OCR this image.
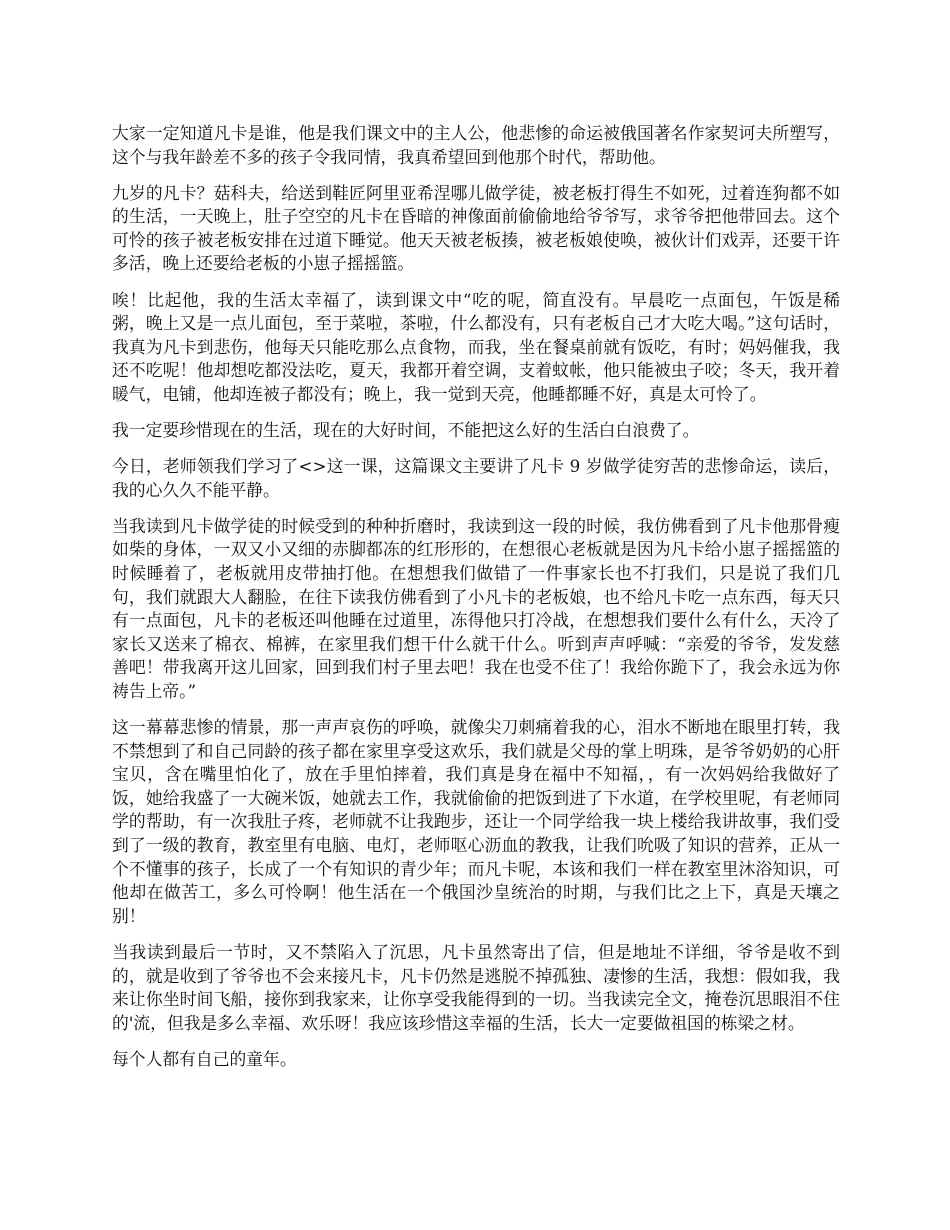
大家一定知道凡卡是谁，他是我们课文中的主人公，他悲惨的命运被俄国著名作家契诃夫所塑写，这个与我年龄差不多的孩子令我同情，我真希望回到他那个时代，帮助他。

九岁的凡卡？菇科夫，给送到鞋匠阿里亚希涅哪儿做学徒，被老板打得生不如死，过着连狗都不如的生活，一天晚上，肚子空空的凡卡在昏暗的神像面前偷偷地给爷爷写，求爷爷把他带回去。这个可怜的孩子被老板安排在过道下睡觉。他天天被老板揍，被老板娘使唤，被伙计们戏弄，还要干许多活，晚上还要给老板的小崽子摇摇篮。

唉！比起他，我的生活太幸福了，读到课文中“吃的呢，简直没有。早晨吃一点面包，午饭是稀粥，晚上又是一点儿面包，至于菜啦，茶啦，什么都没有，只有老板自己才大吃大喝。”这句话时，我真为凡卡到悲伤，他每天只能吃那么点食物，而我，坐在餐桌前就有饭吃，有时；妈妈催我，我还不吃呢！他却想吃都没法吃，夏天，我都开着空调，支着蚊帐，他只能被虫子咬；冬天，我开着暖气，电铺，他却连被子都没有；晚上，我一觉到天亮，他睡都睡不好，真是太可怜了。

我一定要珍惜现在的生活，现在的大好时间，不能把这么好的生活白白浪费了。

今日，老师领我们学习了<>这一课，这篇课文主要讲了凡卡 9 岁做学徒穷苦的悲惨命运，读后，我的心久久不能平静。

当我读到凡卡做学徒的时候受到的种种折磨时，我读到这一段的时候，我仿佛看到了凡卡他那骨瘦如柴的身体，一双又小又细的赤脚都冻的红形形的，在想很心老板就是因为凡卡给小崽子摇摇篮的时候睡着了，老板就用皮带抽打他。在想想我们做错了一件事家长也不打我们，只是说了我们几句，我们就跟大人翻脸，在往下读我仿佛看到了小凡卡的老板娘，也不给凡卡吃一点东西，每天只有一点面包，凡卡的老板还叫他睡在过道里，冻得他只打冷战，在想想我们要什么有什么，天冷了家长又送来了棉衣、棉裤，在家里我们想干什么就干什么。听到声声呼喊：“亲爱的爷爷，发发慈善吧！带我离开这儿回家，回到我们村子里去吧！我在也受不住了！我给你跪下了，我会永远为你祷告上帝。”

这一幕幕悲惨的情景，那一声声哀伤的呼唤，就像尖刀刺痛着我的心，泪水不断地在眼里打转，我不禁想到了和自己同龄的孩子都在家里享受这欢乐，我们就是父母的掌上明珠，是爷爷奶奶的心肝宝贝，含在嘴里怕化了，放在手里怕摔着，我们真是身在福中不知福，，有一次妈妈给我做好了饭，她给我盛了一大碗米饭，她就去工作，我就偷偷的把饭到进了下水道，在学校里呢，有老师同学的帮助，有一次我肚子疼，老师就不让我跑步，还让一个同学给我一块上楼给我讲故事，我们受到了一级的教育，教室里有电脑、电灯，老师呕心沥血的教我，让我们吮吸了知识的营养，正从一个不懂事的孩子，长成了一个有知识的青少年；而凡卡呢，本该和我们一样在教室里沐浴知识，可他却在做苦工，多么可怜啊！他生活在一个俄国沙皇统治的时期，与我们比之上下，真是天壤之别！

当我读到最后一节时，又不禁陷入了沉思，凡卡虽然寄出了信，但是地址不详细，爷爷是收不到的，就是收到了爷爷也不会来接凡卡，凡卡仍然是逃脱不掉孤独、凄惨的生活，我想：假如我，我来让你坐时间飞船，接你到我家来，让你享受我能得到的一切。当我读完全文，掩卷沉思眼泪不住的'流，但我是多么幸福、欢乐呀！我应该珍惜这幸福的生活，长大一定要做祖国的栋梁之材。

每个人都有自己的童年。
